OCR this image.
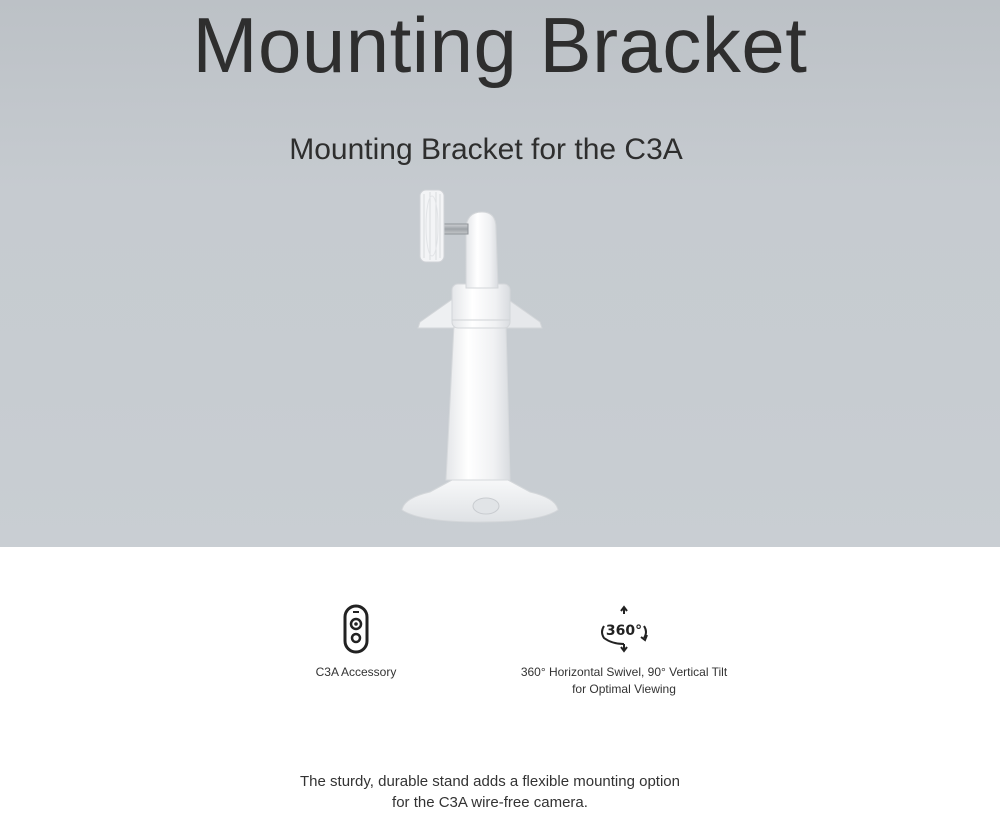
Mounting Bracket
Mounting Bracket for the C3A
C3A Accessory
360°
360° Horizontal Swivel, 90° Vertical Tilt for Optimal Viewing

The sturdy, durable stand adds a flexible mounting option for the C3A wire-free camera.
